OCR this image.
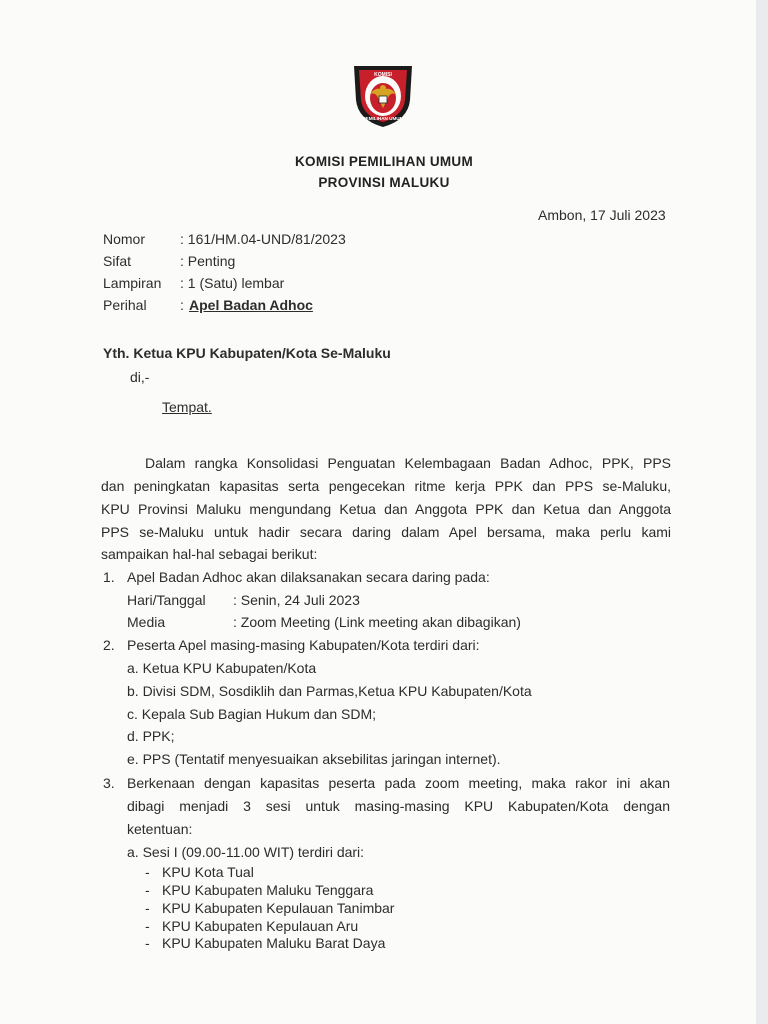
KOMISI
PEMILIHAN UMUM
KOMISI PEMILIHAN UMUM
PROVINSI MALUKU
Ambon, 17 Juli 2023
Nomor : 161/HM.04-UND/81/2023
Sifat	: Penting
Lampiran : 1 (Satu) lembar
Perihal : Apel Badan Adhoc
Yth. Ketua KPU Kabupaten/Kota Se-Maluku
di,-
Tempat.
Dalam rangka Konsolidasi Penguatan Kelembagaan Badan Adhoc, PPK, PPS
dan peningkatan kapasitas serta pengecekan ritme kerja PPK dan PPS se-Maluku,
KPU Provinsi Maluku mengundang Ketua dan Anggota PPK dan Ketua dan Anggota
PPS se-Maluku untuk hadir secara daring dalam Apel bersama, maka perlu kami
sampaikan hal-hal sebagai berikut:
1. Apel Badan Adhoc akan dilaksanakan secara daring pada:
Hari/Tanggal : Senin, 24 Juli 2023
Media	: Zoom Meeting (Link meeting akan dibagikan)
2. Peserta Apel masing-masing Kabupaten/Kota terdiri dari:
a. Ketua KPU Kabupaten/Kota
b. Divisi SDM, Sosdiklih dan Parmas,Ketua KPU Kabupaten/Kota
c. Kepala Sub Bagian Hukum dan SDM;
d. PPK;
e. PPS (Tentatif menyesuaikan aksebilitas jaringan internet).
3. Berkenaan dengan kapasitas peserta pada zoom meeting, maka rakor ini akan
dibagi menjadi 3 sesi untuk masing-masing KPU Kabupaten/Kota dengan
ketentuan:
a. Sesi I (09.00-11.00 WIT) terdiri dari:
- KPU Kota Tual
- KPU Kabupaten Maluku Tenggara
- KPU Kabupaten Kepulauan Tanimbar
- KPU Kabupaten Kepulauan Aru
- KPU Kabupaten Maluku Barat Daya
